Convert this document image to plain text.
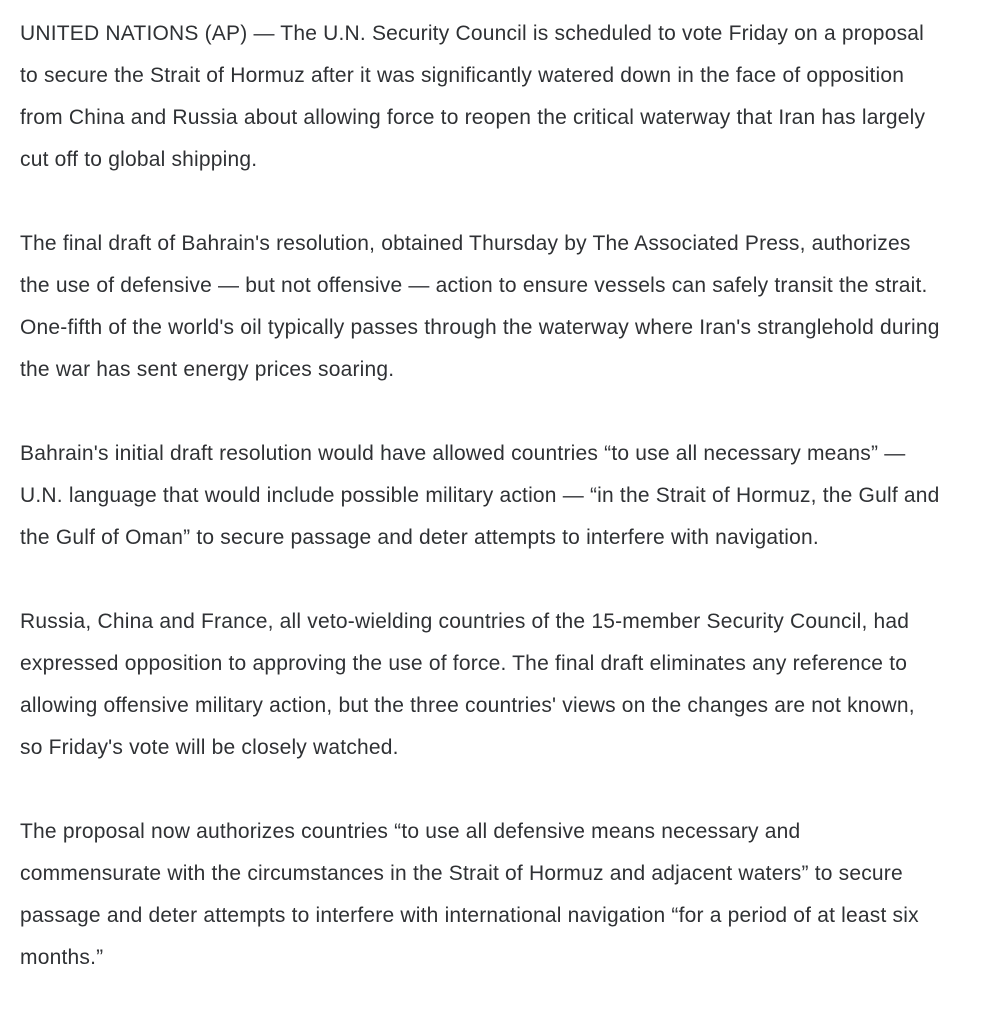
UNITED NATIONS (AP) — The U.N. Security Council is scheduled to vote Friday on a proposal to secure the Strait of Hormuz after it was significantly watered down in the face of opposition from China and Russia about allowing force to reopen the critical waterway that Iran has largely cut off to global shipping.

The final draft of Bahrain's resolution, obtained Thursday by The Associated Press, authorizes the use of defensive — but not offensive — action to ensure vessels can safely transit the strait. One-fifth of the world's oil typically passes through the waterway where Iran's stranglehold during the war has sent energy prices soaring.

Bahrain's initial draft resolution would have allowed countries “to use all necessary means” — U.N. language that would include possible military action — “in the Strait of Hormuz, the Gulf and the Gulf of Oman” to secure passage and deter attempts to interfere with navigation.

Russia, China and France, all veto-wielding countries of the 15-member Security Council, had expressed opposition to approving the use of force. The final draft eliminates any reference to allowing offensive military action, but the three countries' views on the changes are not known, so Friday's vote will be closely watched.

The proposal now authorizes countries “to use all defensive means necessary and commensurate with the circumstances in the Strait of Hormuz and adjacent waters” to secure passage and deter attempts to interfere with international navigation “for a period of at least six months.”
